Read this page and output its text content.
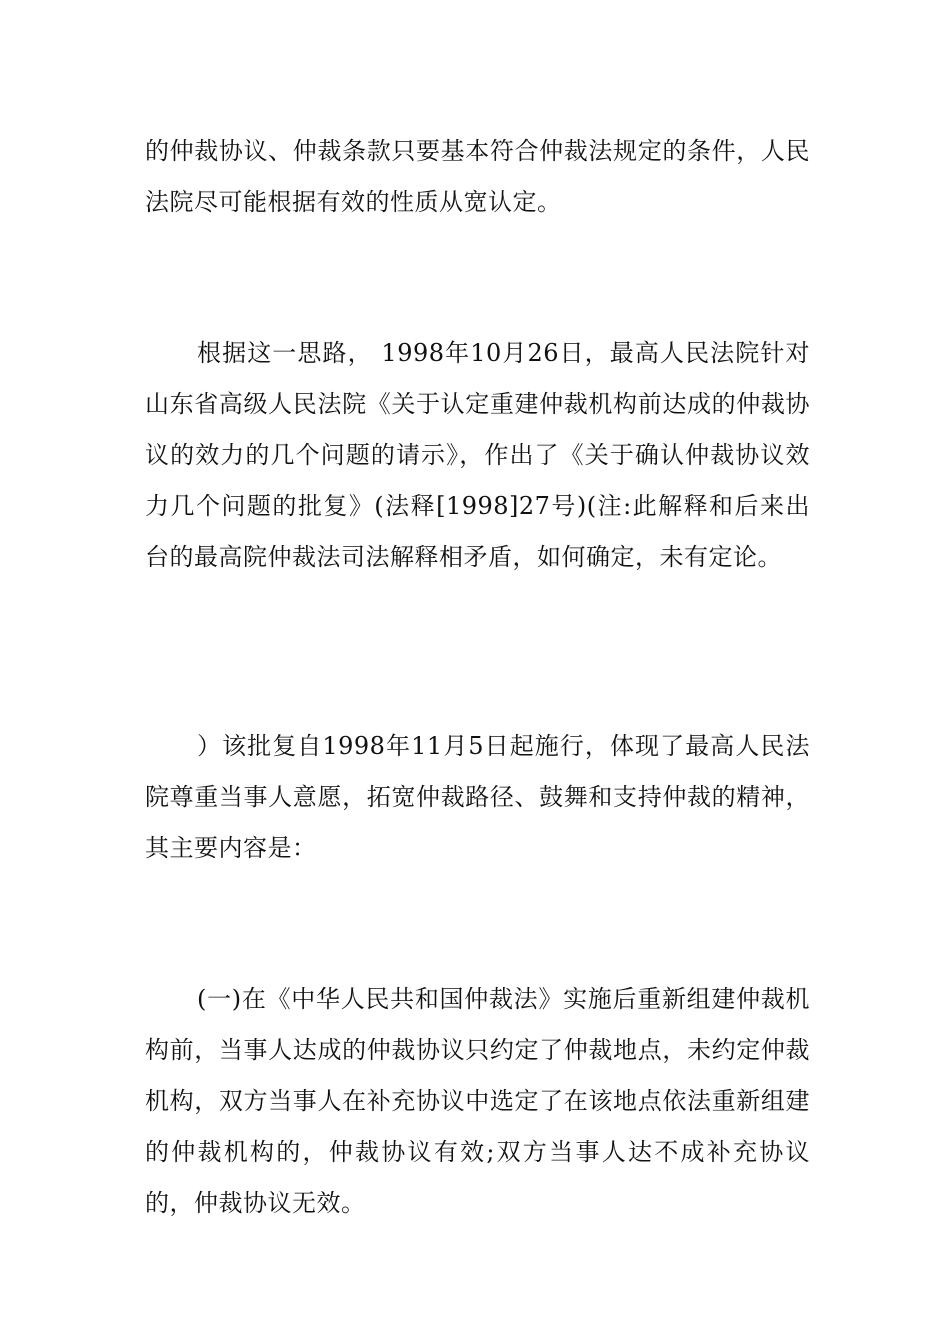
的仲裁协议、仲裁条款只要基本符合仲裁法规定的条件，人民法院尽可能根据有效的性质从宽认定。

根据这一思路， 1998年10月26日，最高人民法院针对山东省高级人民法院《关于认定重建仲裁机构前达成的仲裁协议的效力的几个问题的请示》，作出了《关于确认仲裁协议效力几个问题的批复》(法释[1998]27号)(注:此解释和后来出台的最高院仲裁法司法解释相矛盾，如何确定，未有定论。

）该批复自1998年11月5日起施行，体现了最高人民法院尊重当事人意愿，拓宽仲裁路径、鼓舞和支持仲裁的精神，其主要内容是：

(一)在《中华人民共和国仲裁法》实施后重新组建仲裁机构前，当事人达成的仲裁协议只约定了仲裁地点，未约定仲裁机构，双方当事人在补充协议中选定了在该地点依法重新组建的仲裁机构的，仲裁协议有效;双方当事人达不成补充协议的，仲裁协议无效。
